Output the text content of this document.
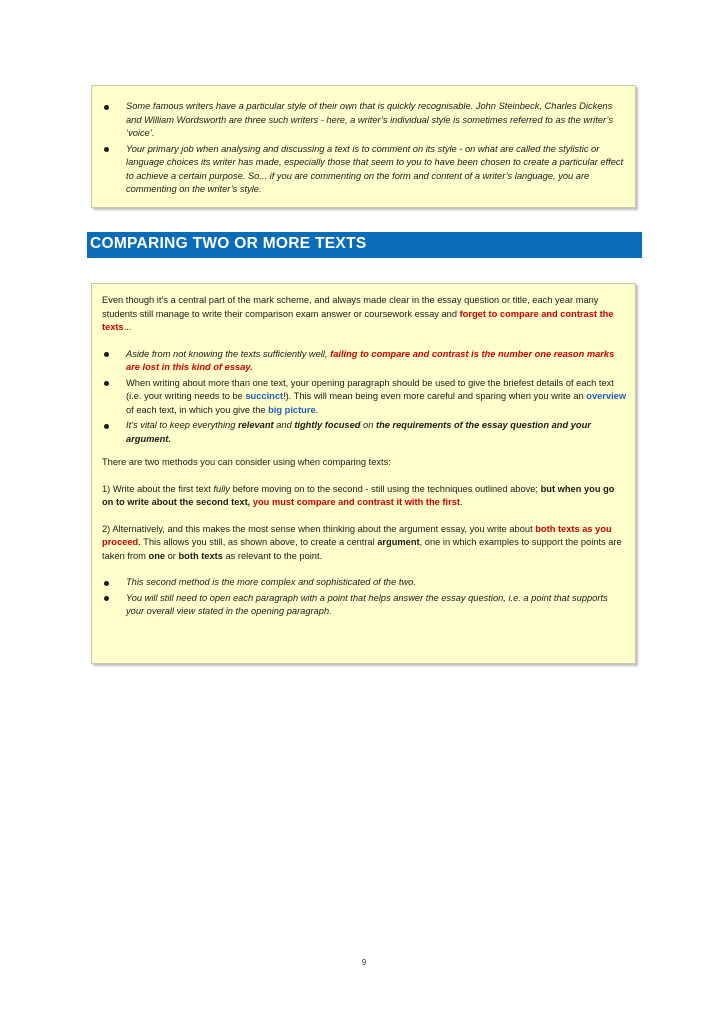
Some famous writers have a particular style of their own that is quickly recognisable. John Steinbeck, Charles Dickens and William Wordsworth are three such writers - here, a writer’s individual style is sometimes referred to as the writer’s ‘voice’.
Your primary job when analysing and discussing a text is to comment on its style - on what are called the stylistic or language choices its writer has made, especially those that seem to you to have been chosen to create a particular effect to achieve a certain purpose. So... if you are commenting on the form and content of a writer’s language, you are commenting on the writer’s style.
COMPARING TWO OR MORE TEXTS

Even though it’s a central part of the mark scheme, and always made clear in the essay question or title, each year many students still manage to write their comparison exam answer or coursework essay and forget to compare and contrast the texts...

Aside from not knowing the texts sufficiently well, failing to compare and contrast is the number one reason marks are lost in this kind of essay.
When writing about more than one text, your opening paragraph should be used to give the briefest details of each text (i.e. your writing needs to be succinct!). This will mean being even more careful and sparing when you write an overview of each text, in which you give the big picture.
It’s vital to keep everything relevant and tightly focused on the requirements of the essay question and your argument.

There are two methods you can consider using when comparing texts:

1) Write about the first text fully before moving on to the second - still using the techniques outlined above; but when you go on to write about the second text, you must compare and contrast it with the first.

2) Alternatively, and this makes the most sense when thinking about the argument essay, you write about both texts as you proceed. This allows you still, as shown above, to create a central argument, one in which examples to support the points are taken from one or both texts as relevant to the point.

This second method is the more complex and sophisticated of the two.
You will still need to open each paragraph with a point that helps answer the essay question, i.e. a point that supports your overall view stated in the opening paragraph.
9
